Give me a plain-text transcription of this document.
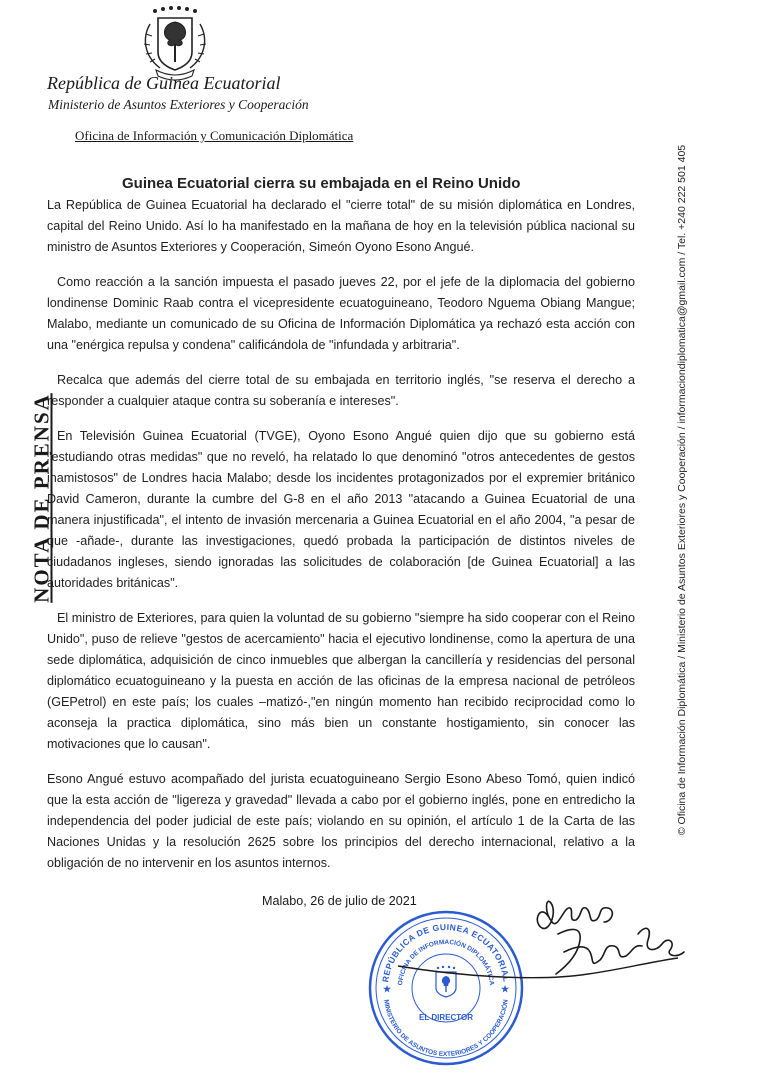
República de Guinea Ecuatorial
Ministerio de Asuntos Exteriores y Cooperación
Oficina de Información y Comunicación Diplomática
NOTA DE PRENSA	© Oficina de Información Diplomática / Ministerio de Asuntos Exteriores y Cooperación / informaciondiplomatica@gmail.com / Tel. +240 222 501 405
Guinea Ecuatorial cierra su embajada en el Reino Unido

La República de Guinea Ecuatorial ha declarado el "cierre total" de su misión diplomática en Londres, capital del Reino Unido. Así lo ha manifestado en la mañana de hoy en la televisión pública nacional su ministro de Asuntos Exteriores y Cooperación, Simeón Oyono Esono Angué.

Como reacción a la sanción impuesta el pasado jueves 22, por el jefe de la diplomacia del gobierno londinense Dominic Raab contra el vicepresidente ecuatoguineano, Teodoro Nguema Obiang Mangue; Malabo, mediante un comunicado de su Oficina de Información Diplomática ya rechazó esta acción con una "enérgica repulsa y condena" calificándola de "infundada y arbitraria".

Recalca que además del cierre total de su embajada en territorio inglés, "se reserva el derecho a responder a cualquier ataque contra su soberanía e intereses".

En Televisión Guinea Ecuatorial (TVGE), Oyono Esono Angué quien dijo que su gobierno está "estudiando otras medidas" que no reveló, ha relatado lo que denominó "otros antecedentes de gestos inamistosos" de Londres hacia Malabo; desde los incidentes protagonizados por el expremier británico David Cameron, durante la cumbre del G-8 en el año 2013 "atacando a Guinea Ecuatorial de una manera injustificada", el intento de invasión mercenaria a Guinea Ecuatorial en el año 2004, "a pesar de que -añade-, durante las investigaciones, quedó probada la participación de distintos niveles de ciudadanos ingleses, siendo ignoradas las solicitudes de colaboración [de Guinea Ecuatorial] a las autoridades británicas".

El ministro de Exteriores, para quien la voluntad de su gobierno "siempre ha sido cooperar con el Reino Unido", puso de relieve "gestos de acercamiento" hacia el ejecutivo londinense, como la apertura de una sede diplomática, adquisición de cinco inmuebles que albergan la cancillería y residencias del personal diplomático ecuatoguineano y la puesta en acción de las oficinas de la empresa nacional de petróleos (GEPetrol) en este país; los cuales –matizó-,"en ningún momento han recibido reciprocidad como lo aconseja la practica diplomática, sino más bien un constante hostigamiento, sin conocer las motivaciones que lo causan".

Esono Angué estuvo acompañado del jurista ecuatoguineano Sergio Esono Abeso Tomó, quien indicó que la esta acción de "ligereza y gravedad" llevada a cabo por el gobierno inglés, pone en entredicho la independencia del poder judicial de este país; violando en su opinión, el artículo 1 de la Carta de las Naciones Unidas y la resolución 2625 sobre los principios del derecho internacional, relativo a la obligación de no intervenir en los asuntos internos.

Malabo, 26 de julio de 2021
REPÚBLICA DE GUINEA ECUATORIAL
OFICINA DE INFORMACIÓN DIPLOMÁTICA
MINISTERIO DE ASUNTOS EXTERIORES Y COOPERACIÓN
EL DIRECTOR
★	★
